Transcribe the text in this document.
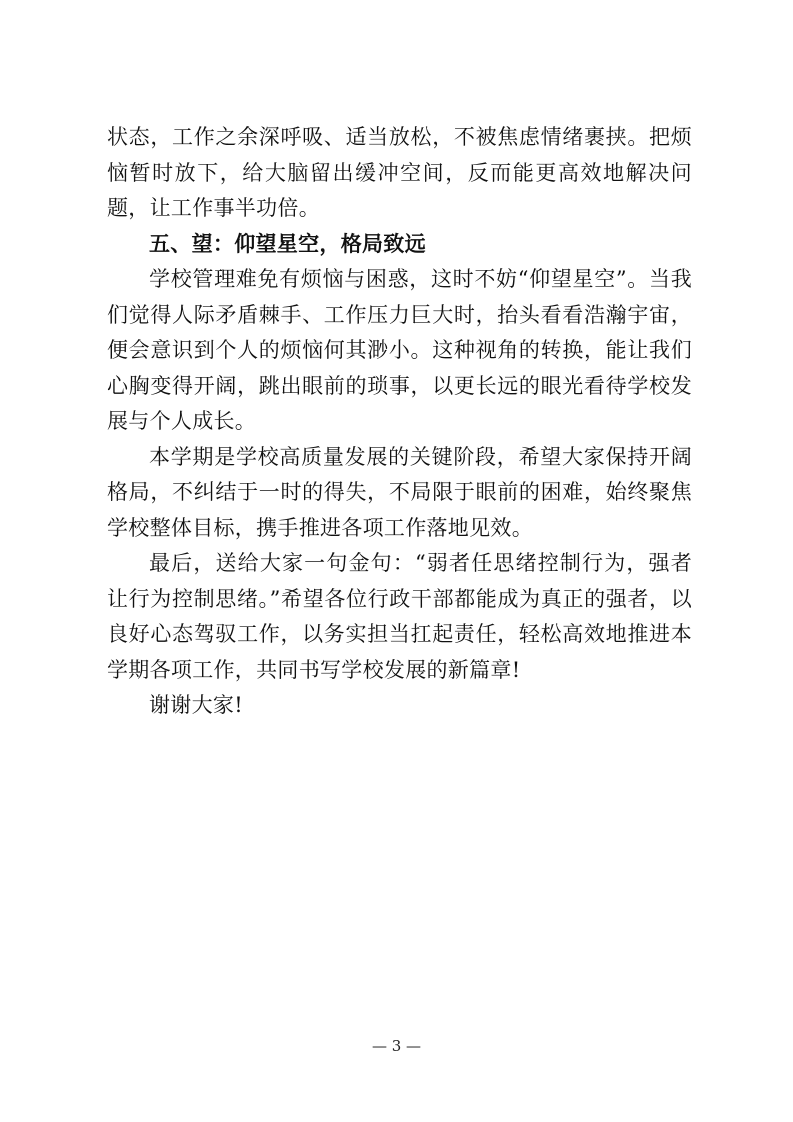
状态，工作之余深呼吸、适当放松，不被焦虑情绪裹挟。把烦恼暂时放下，给大脑留出缓冲空间，反而能更高效地解决问题，让工作事半功倍。

五、望：仰望星空，格局致远

学校管理难免有烦恼与困惑，这时不妨“仰望星空”。当我们觉得人际矛盾棘手、工作压力巨大时，抬头看看浩瀚宇宙，便会意识到个人的烦恼何其渺小。这种视角的转换，能让我们心胸变得开阔，跳出眼前的琐事，以更长远的眼光看待学校发展与个人成长。

本学期是学校高质量发展的关键阶段，希望大家保持开阔格局，不纠结于一时的得失，不局限于眼前的困难，始终聚焦学校整体目标，携手推进各项工作落地见效。

最后，送给大家一句金句：“弱者任思绪控制行为，强者让行为控制思绪。”希望各位行政干部都能成为真正的强者，以良好心态驾驭工作，以务实担当扛起责任，轻松高效地推进本学期各项工作，共同书写学校发展的新篇章!

谢谢大家!

— 3 —
